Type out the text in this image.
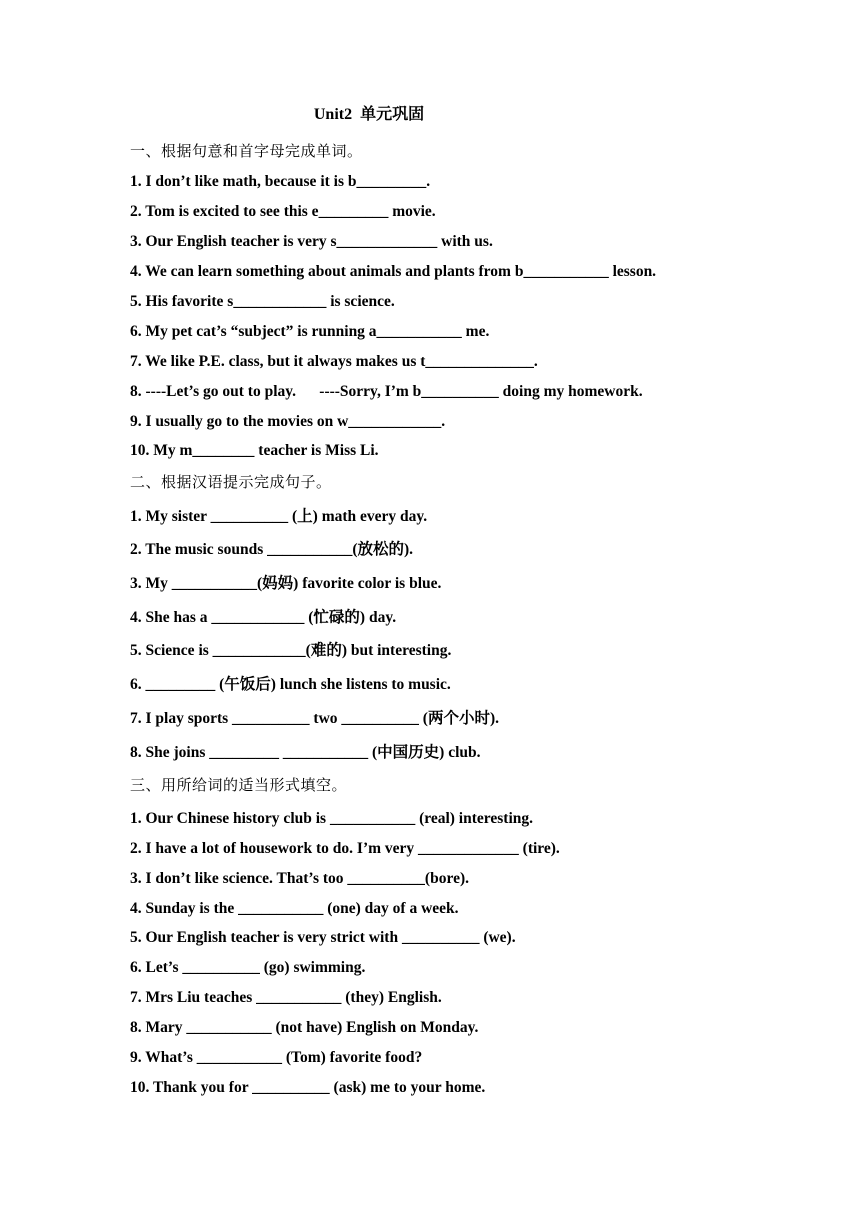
Unit2  单元巩固
一、根据句意和首字母完成单词。
1. I don’t like math, because it is b_________.
2. Tom is excited to see this e_________ movie.
3. Our English teacher is very s_____________ with us.
4. We can learn something about animals and plants from b___________ lesson.
5. His favorite s____________ is science.
6. My pet cat’s “subject” is running a___________ me.
7. We like P.E. class, but it always makes us t______________.
8. ----Let’s go out to play.      ----Sorry, I’m b__________ doing my homework.
9. I usually go to the movies on w____________.
10. My m________ teacher is Miss Li.
二、根据汉语提示完成句子。
1. My sister __________ (上) math every day.
2. The music sounds ___________(放松的).
3. My ___________(妈妈) favorite color is blue.
4. She has a ____________ (忙碌的) day.
5. Science is ____________(难的) but interesting.
6. _________ (午饭后) lunch she listens to music.
7. I play sports __________ two __________ (两个小时).
8. She joins _________ ___________ (中国历史) club.
三、用所给词的适当形式填空。
1. Our Chinese history club is ___________ (real) interesting.
2. I have a lot of housework to do. I’m very _____________ (tire).
3. I don’t like science. That’s too __________(bore).
4. Sunday is the ___________ (one) day of a week.
5. Our English teacher is very strict with __________ (we).
6. Let’s __________ (go) swimming.
7. Mrs Liu teaches ___________ (they) English.
8. Mary ___________ (not have) English on Monday.
9. What’s ___________ (Tom) favorite food?
10. Thank you for __________ (ask) me to your home.
